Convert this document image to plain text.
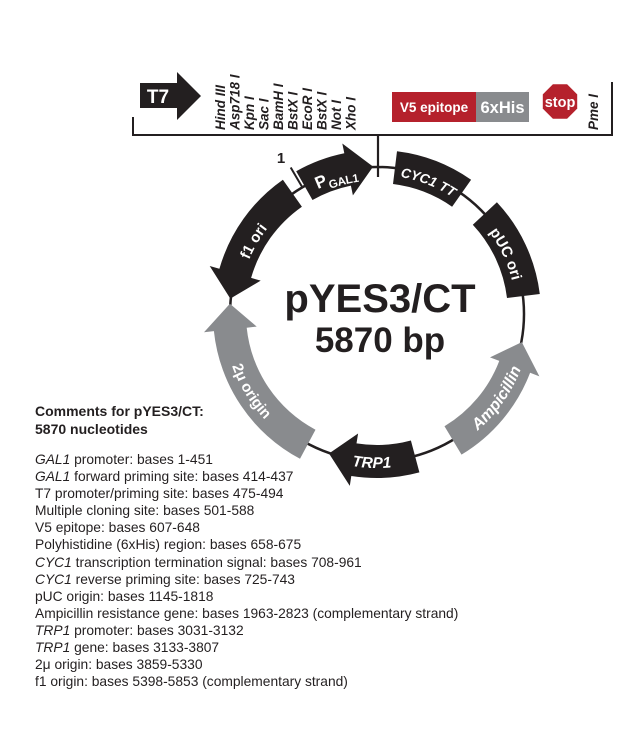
T7	Hind III Asp718 I Kpn I Sac I BamH I BstX I EcoR I BstX I Not I Xho I	V5 epitope 6xHis stop Pme I
1
f1 ori
$P_{GAL1}$	CYC1 TT
pUC ori
Ampicillin
TRP1
2μ origin
pYES3/CT
5870 bp
Comments for pYES3/CT:
5870 nucleotides
GAL1 promoter: bases 1-451
GAL1 forward priming site: bases 414-437
T7 promoter/priming site: bases 475-494
Multiple cloning site: bases 501-588
V5 epitope: bases 607-648
Polyhistidine (6xHis) region: bases 658-675
CYC1 transcription termination signal: bases 708-961
CYC1 reverse priming site: bases 725-743
pUC origin: bases 1145-1818
Ampicillin resistance gene: bases 1963-2823 (complementary strand)
TRP1 promoter: bases 3031-3132
TRP1 gene: bases 3133-3807
2μ origin: bases 3859-5330
f1 origin: bases 5398-5853 (complementary strand)
